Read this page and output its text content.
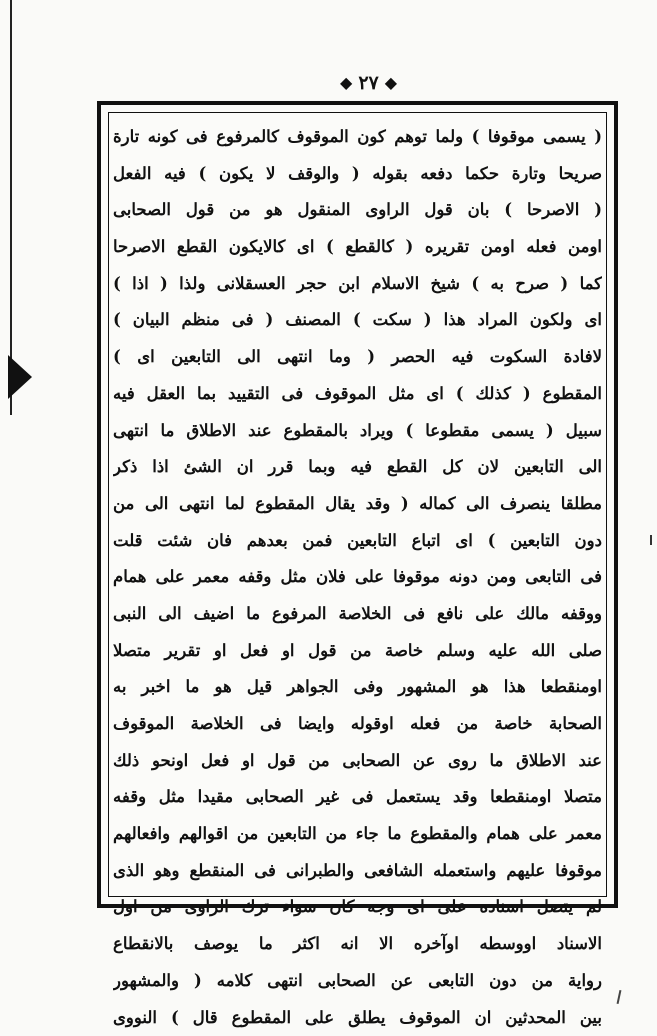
◆ ٢٧ ◆
( يسمى موقوفا ) ولما توهم كون الموقوف كالمرفوع فى كونه تارة
صريحا وتارة حكما دفعه بقوله ( والوقف لا يكون ) فيه الفعل
( الاصرحا ) بان قول الراوى المنقول هو من قول الصحابى
اومن فعله اومن تقريره ( كالقطع ) اى كالايكون القطع الاصرحا
كما ( صرح به ) شيخ الاسلام ابن حجر العسقلانى ولذا ( اذا )
اى ولكون المراد هذا ( سكت ) المصنف ( فى منظم البيان )
لافادة السكوت فيه الحصر ( وما انتهى الى التابعين اى )
المقطوع ( كذلك ) اى مثل الموقوف فى التقييد بما العقل فيه
سبيل ( يسمى مقطوعا ) ويراد بالمقطوع عند الاطلاق ما انتهى
الى التابعين لان كل القطع فيه وبما قرر ان الشئ اذا ذكر
مطلقا ينصرف الى كماله ( وقد يقال المقطوع لما انتهى الى من
دون التابعين ) اى اتباع التابعين فمن بعدهم فان شئت قلت
فى التابعى ومن دونه موقوفا على فلان مثل وقفه معمر على همام
ووقفه مالك على نافع فى الخلاصة المرفوع ما اضيف الى النبى
صلى الله عليه وسلم خاصة من قول او فعل او تقرير متصلا
اومنقطعا هذا هو المشهور وفى الجواهر قيل هو ما اخبر به
الصحابة خاصة من فعله اوقوله وايضا فى الخلاصة الموقوف
عند الاطلاق ما روى عن الصحابى من قول او فعل اونحو ذلك
متصلا اومنقطعا وقد يستعمل فى غير الصحابى مقيدا مثل وقفه
معمر على همام والمقطوع ما جاء من التابعين من اقوالهم وافعالهم
موقوفا عليهم واستعمله الشافعى والطبرانى فى المنقطع وهو الذى
لم يتصل اسناده على اى وجه كان سواء ترك الراوى من اول
الاسناد اووسطه اوآخره الا انه اكثر ما يوصف بالانقطاع
رواية من دون التابعى عن الصحابى انتهى كلامه ( والمشهور
بين المحدثين ان الموقوف يطلق على المقطوع قال ) النووى
